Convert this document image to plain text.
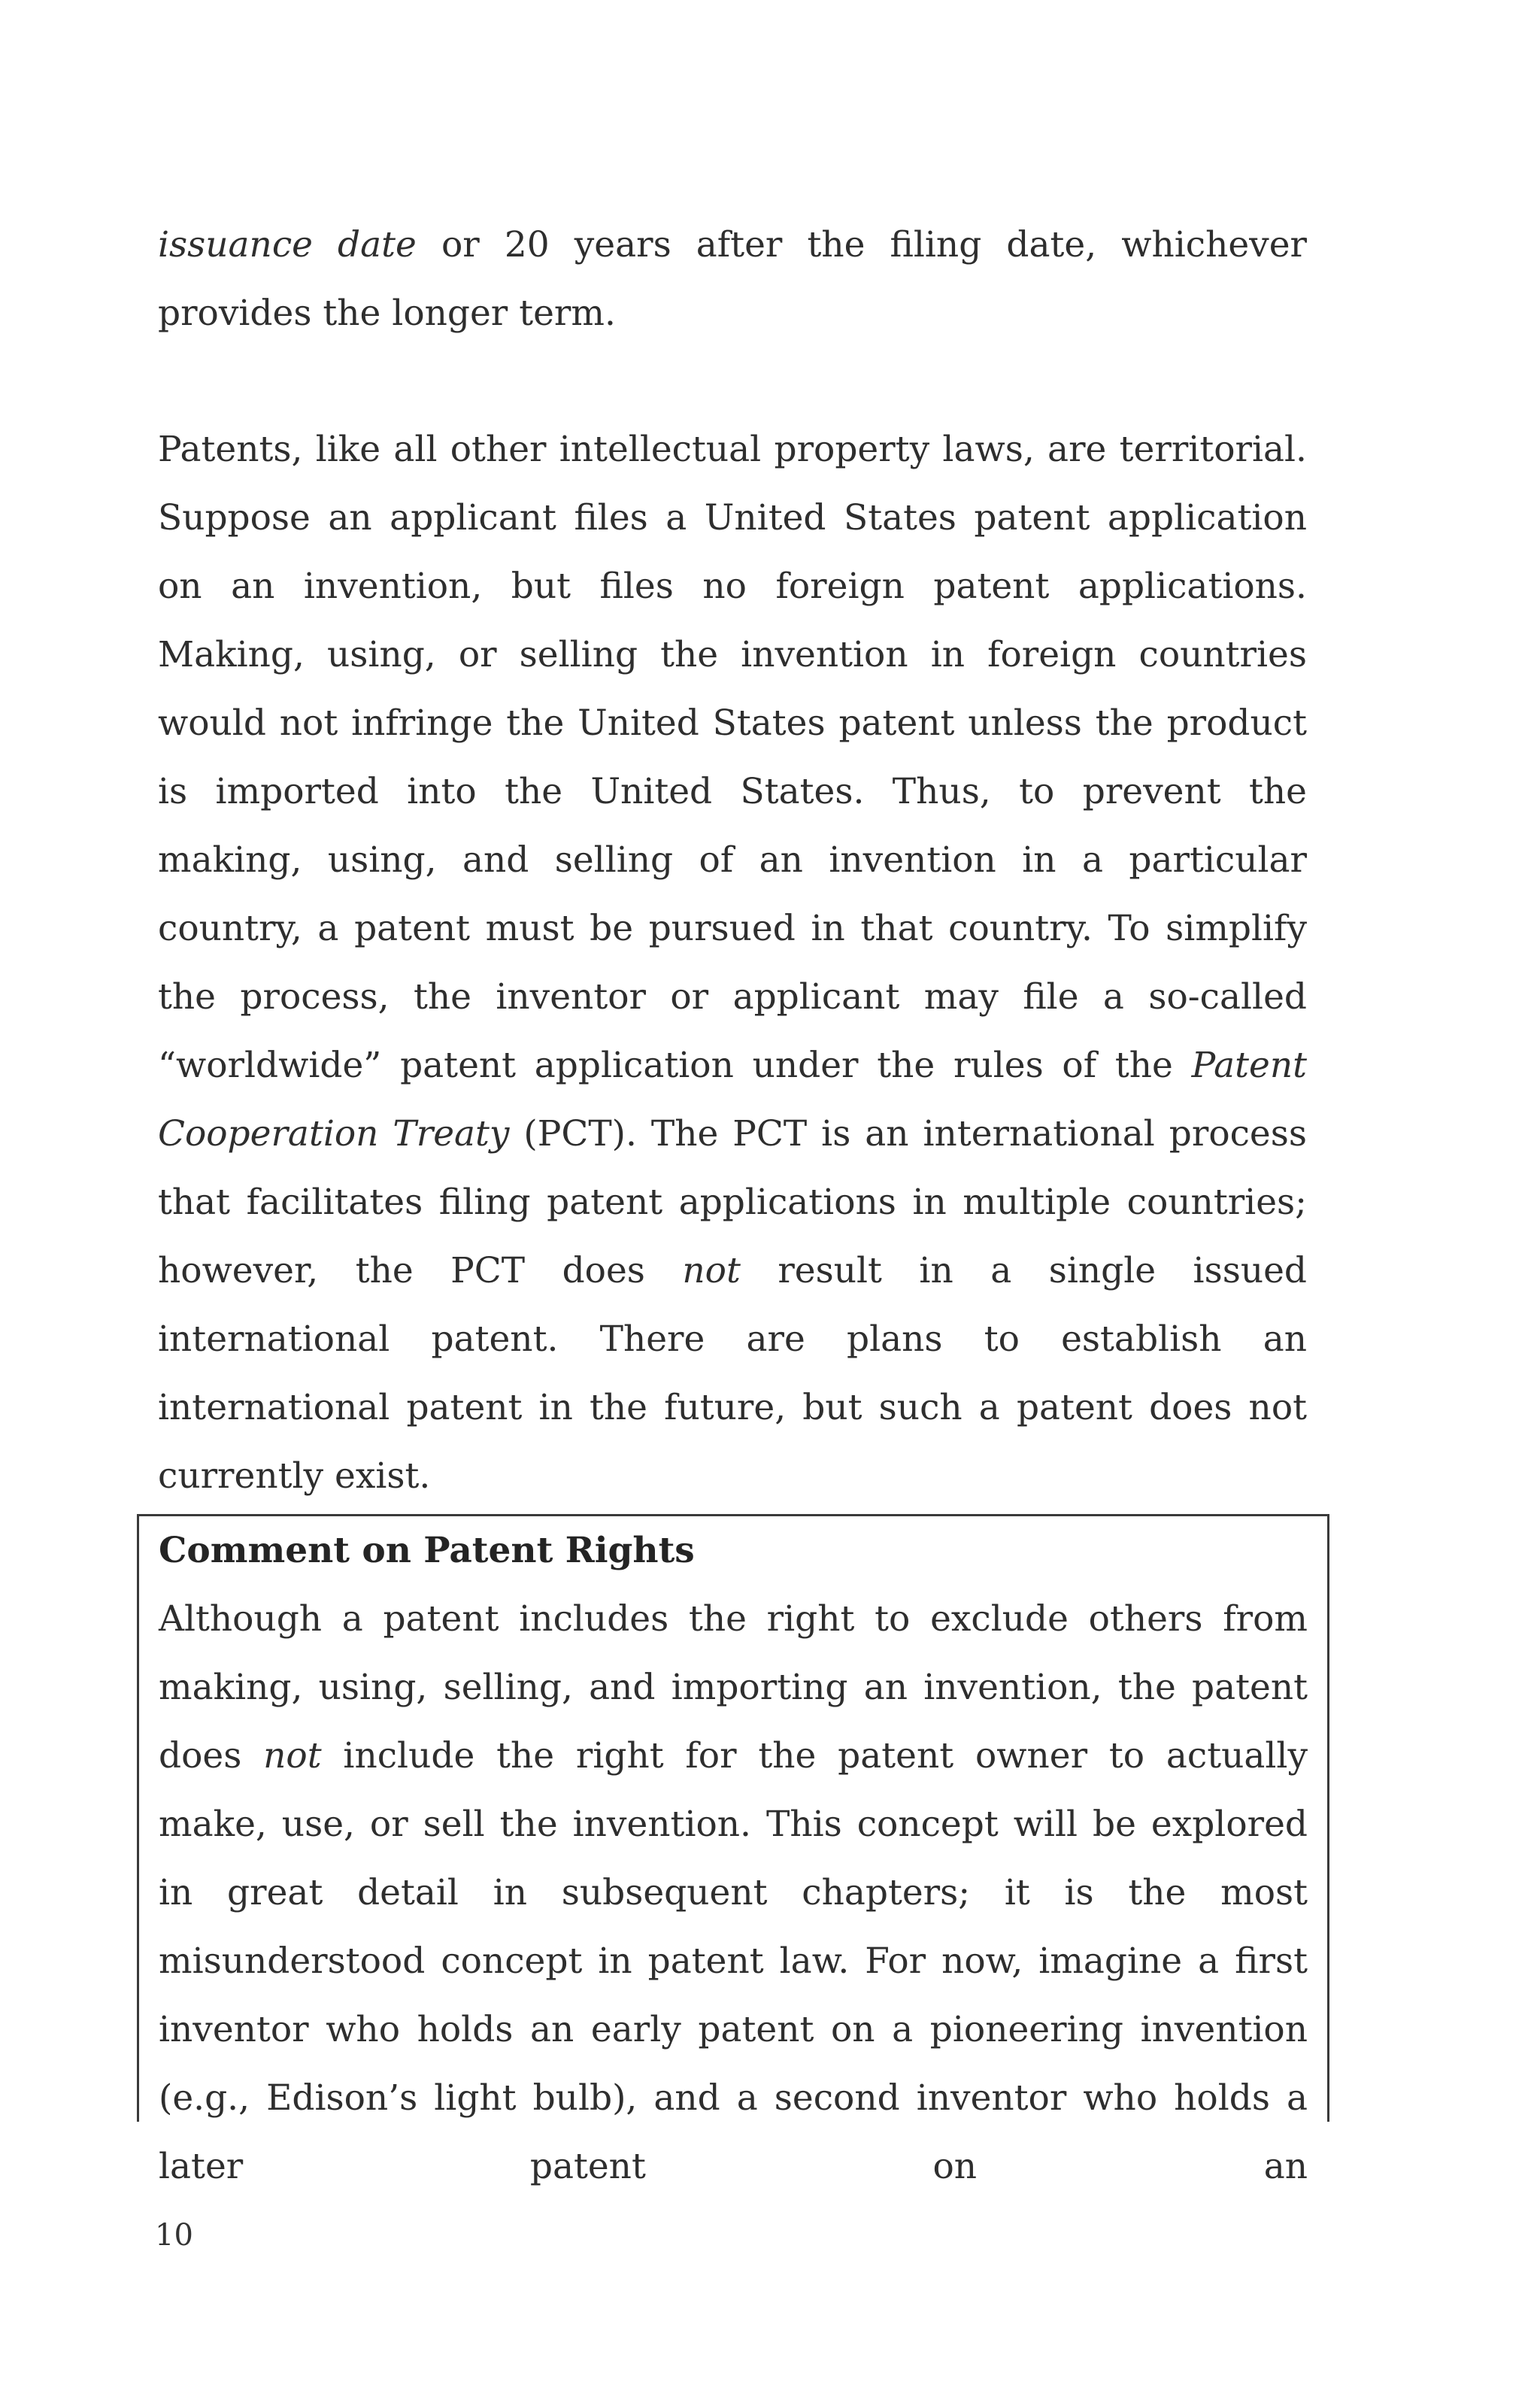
issuance date or 20 years after the filing date, whichever provides the longer term.

Patents, like all other intellectual property laws, are territorial. Suppose an applicant files a United States patent application on an invention, but files no foreign patent applications. Making, using, or selling the invention in foreign countries would not infringe the United States patent unless the product is imported into the United States. Thus, to prevent the making, using, and selling of an invention in a particular country, a patent must be pursued in that country. To simplify the process, the inventor or applicant may file a so-called “worldwide” patent application under the rules of the Patent Cooperation Treaty (PCT). The PCT is an international process that facilitates filing patent applications in multiple countries; however, the PCT does not result in a single issued international patent. There are plans to establish an international patent in the future, but such a patent does not currently exist.

Comment on Patent Rights

Although a patent includes the right to exclude others from making, using, selling, and importing an invention, the patent does not include the right for the patent owner to actually make, use, or sell the invention. This concept will be explored in great detail in subsequent chapters; it is the most misunderstood concept in patent law. For now, imagine a first inventor who holds an early patent on a pioneering invention (e.g., Edison’s light bulb), and a second inventor who holds a later patent on an

10
